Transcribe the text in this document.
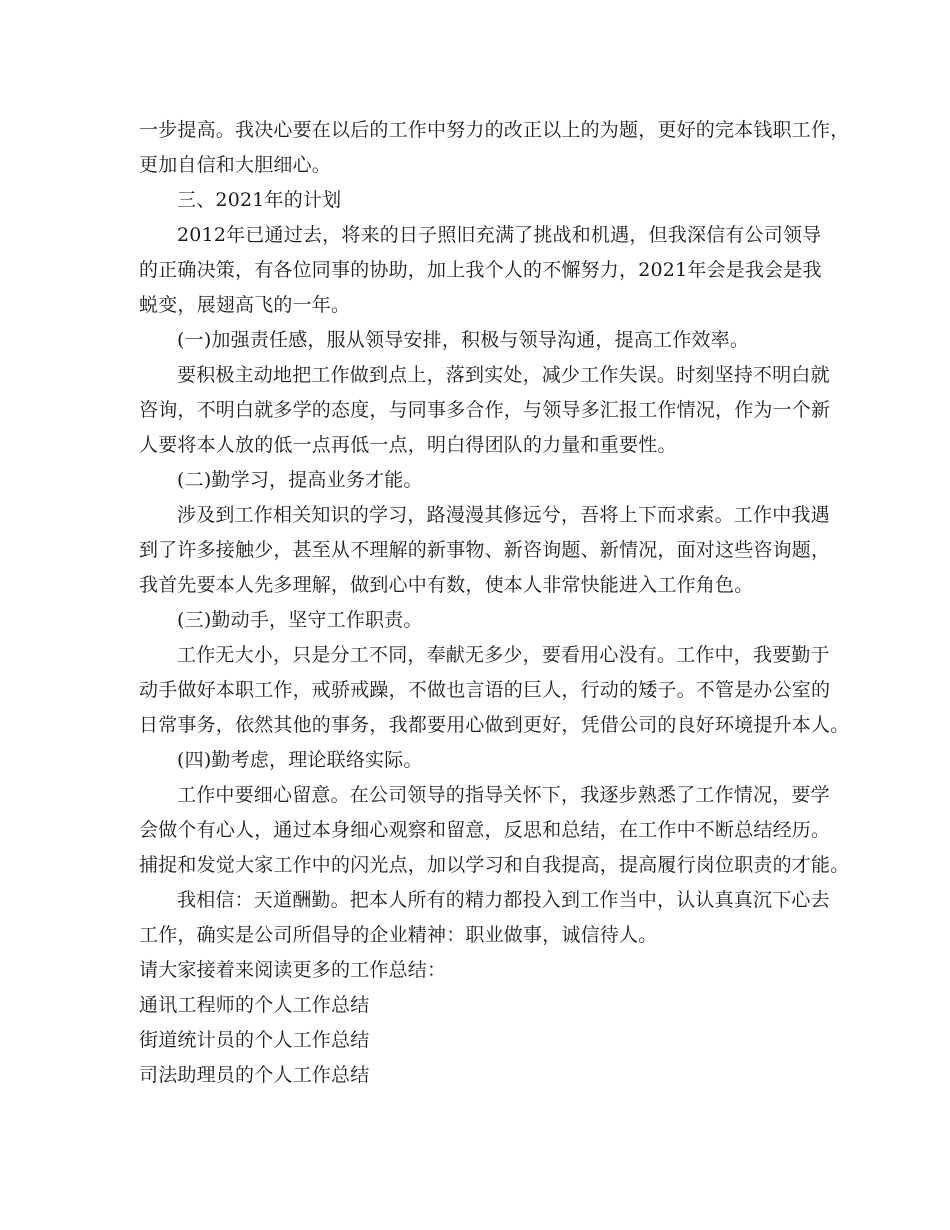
一步提高。我决心要在以后的工作中努力的改正以上的为题，更好的完本钱职工作，
更加自信和大胆细心。
三、2021年的计划
2012年已通过去，将来的日子照旧充满了挑战和机遇，但我深信有公司领导
的正确决策，有各位同事的协助，加上我个人的不懈努力，2021年会是我会是我
蜕变，展翅高飞的一年。
(一)加强责任感，服从领导安排，积极与领导沟通，提高工作效率。
要积极主动地把工作做到点上，落到实处，减少工作失误。时刻坚持不明白就
咨询，不明白就多学的态度，与同事多合作，与领导多汇报工作情况，作为一个新
人要将本人放的低一点再低一点，明白得团队的力量和重要性。
(二)勤学习，提高业务才能。
涉及到工作相关知识的学习，路漫漫其修远兮，吾将上下而求索。工作中我遇
到了许多接触少，甚至从不理解的新事物、新咨询题、新情况，面对这些咨询题，
我首先要本人先多理解，做到心中有数，使本人非常快能进入工作角色。
(三)勤动手，坚守工作职责。
工作无大小，只是分工不同，奉献无多少，要看用心没有。工作中，我要勤于
动手做好本职工作，戒骄戒躁，不做也言语的巨人，行动的矮子。不管是办公室的
日常事务，依然其他的事务，我都要用心做到更好，凭借公司的良好环境提升本人。
(四)勤考虑，理论联络实际。
工作中要细心留意。在公司领导的指导关怀下，我逐步熟悉了工作情况，要学
会做个有心人，通过本身细心观察和留意，反思和总结，在工作中不断总结经历。
捕捉和发觉大家工作中的闪光点，加以学习和自我提高，提高履行岗位职责的才能。
我相信：天道酬勤。把本人所有的精力都投入到工作当中，认认真真沉下心去
工作，确实是公司所倡导的企业精神：职业做事，诚信待人。
请大家接着来阅读更多的工作总结：
通讯工程师的个人工作总结
街道统计员的个人工作总结
司法助理员的个人工作总结
